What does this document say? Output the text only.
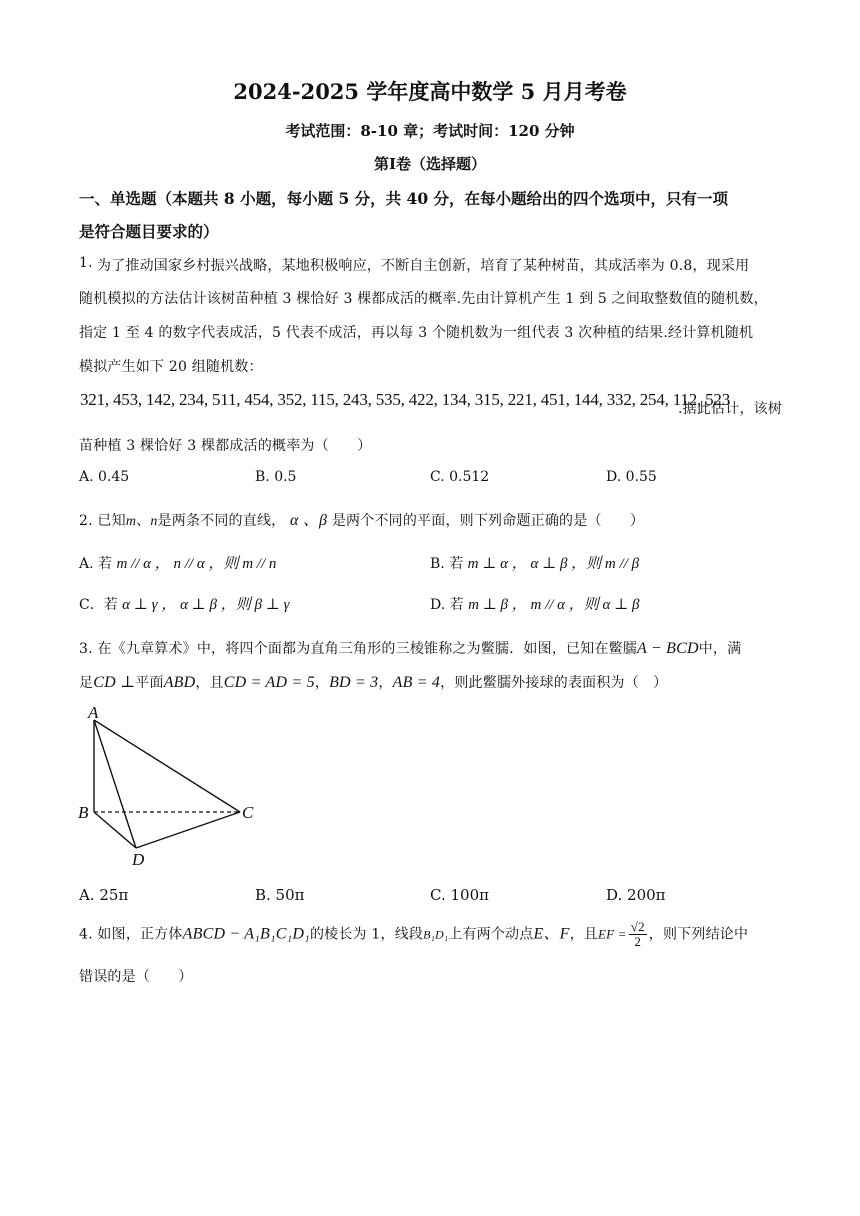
2024-2025 学年度高中数学 5 月月考卷
考试范围：8-10 章；考试时间：120 分钟
第Ⅰ卷（选择题）
一、单选题（本题共 8 小题，每小题 5 分，共 40 分，在每小题给出的四个选项中，只有一项
是符合题目要求的）
1. 为了推动国家乡村振兴战略，某地积极响应，不断自主创新，培育了某种树苗，其成活率为 0.8，现采用
随机模拟的方法估计该树苗种植 3 棵恰好 3 棵都成活的概率.先由计算机产生 1 到 5 之间取整数值的随机数，
指定 1 至 4 的数字代表成活，5 代表不成活，再以每 3 个随机数为一组代表 3 次种植的结果.经计算机随机
模拟产生如下 20 组随机数：
321, 453, 142, 234, 511, 454, 352, 115, 243, 535, 422, 134, 315, 221, 451, 144, 332, 254, 112, 523
.据此估计，该树
苗种植 3 棵恰好 3 棵都成活的概率为（　　）
A. 0.45	B. 0.5	C. 0.512	D. 0.55
2. 已知m、n是两条不同的直线， α 、β 是两个不同的平面，则下列命题正确的是（　　）
A. 若 m // α ， n // α ，则 m // n	B. 若 m ⊥ α ， α ⊥ β ，则 m // β
C．若 α ⊥ γ ， α ⊥ β ，则 β ⊥ γ	D. 若 m ⊥ β ， m // α ，则 α ⊥ β
3. 在《九章算术》中，将四个面都为直角三角形的三棱锥称之为鳖臑．如图，已知在鳖臑A − BCD中，满
足CD ⊥平面ABD，且CD = AD = 5，BD = 3，AB = 4，则此鳖臑外接球的表面积为（　）
A
B	C
D
A. 25π	B. 50π	C. 100π	D. 200π
4. 如图，正方体ABCD − A₁B₁C₁D₁的棱长为 1，线段B₁D₁上有两个动点E、F，且EF = $\frac{√2}{2}$ ，则下列结论中
错误的是（　　）
